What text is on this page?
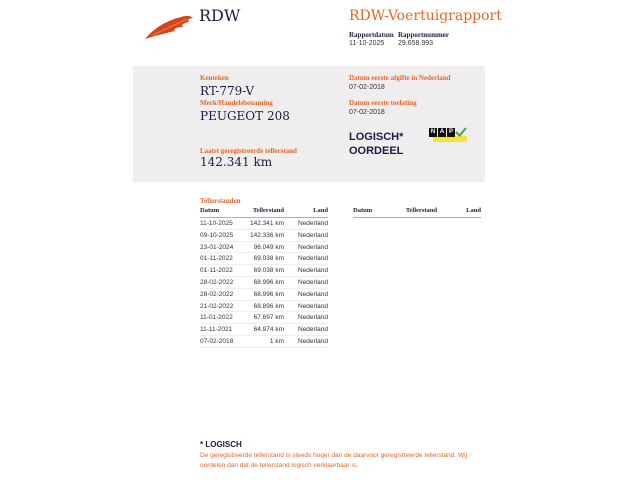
RDW	RDW-Voertuigrapport
Rapportdatum
11-10-2025
Rapportnummer
29.658.993
Kenteken
RT-779-V
Merk/Handelsbenaming
PEUGEOT 208
Laatst geregistreerde tellerstand
142.341 km
Datum eerste afgifte in Nederland
07-02-2018
Datum eerste toelating
07-02-2018
LOGISCH*
OORDEEL
N A P
Tellerstanden
Datum	Tellerstand	Land
11-10-2025	142.341 km Nederland
09-10-2025	142.336 km Nederland
23-01-2024	96.049 km Nederland
01-11-2022	69.038 km Nederland
01-11-2022	69.038 km Nederland
28-02-2022	68.996 km Nederland
28-02-2022	68.996 km Nederland
21-02-2022	68.896 km Nederland
11-01-2022	67.697 km Nederland
11-11-2021	64.974 km Nederland
07-02-2018	1 km Nederland
Datum	Tellerstand	Land
* LOGISCH
De geregistreerde tellerstand is steeds hoger dan de daarvoor geregistreerde tellerstand. Wij oordelen dan dat de tellerstand logisch verklaarbaar is.
